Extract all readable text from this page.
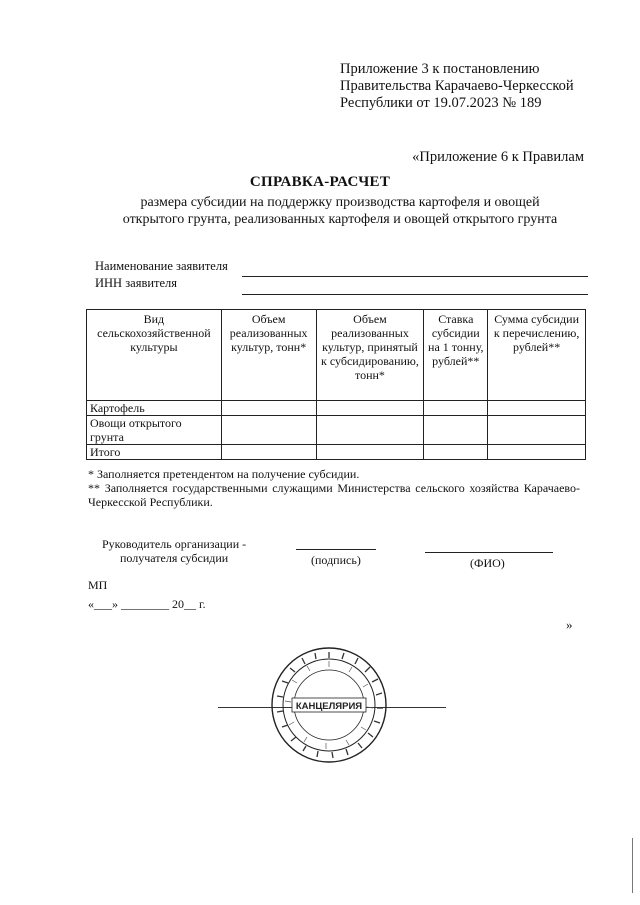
Приложение 3 к постановлению
Правительства Карачаево-Черкесской
Республики от 19.07.2023 № 189
«Приложение 6 к Правилам
СПРАВКА-РАСЧЕТ
размера субсидии на поддержку производства картофеля и овощей
открытого грунта, реализованных картофеля и овощей открытого грунта
Наименование заявителя
ИНН заявителя
Вид сельскохозяйственной культуры	Объем реализованных культур, тонн*	Объем реализованных культур, принятый к субсидированию, тонн*	Ставка субсидии на 1 тонну, рублей**	Сумма субсидии к перечислению, рублей**
Картофель				
Овощи открытого грунта				
Итого				
* Заполняется претендентом на получение субсидии.
** Заполняется государственными служащими Министерства сельского хозяйства Карачаево-Черкесской Республики.
Руководитель организации -
получателя субсидии	(подпись)	(ФИО)
МП
«___» ________ 20__ г.
»
КАНЦЕЛЯРИЯ
